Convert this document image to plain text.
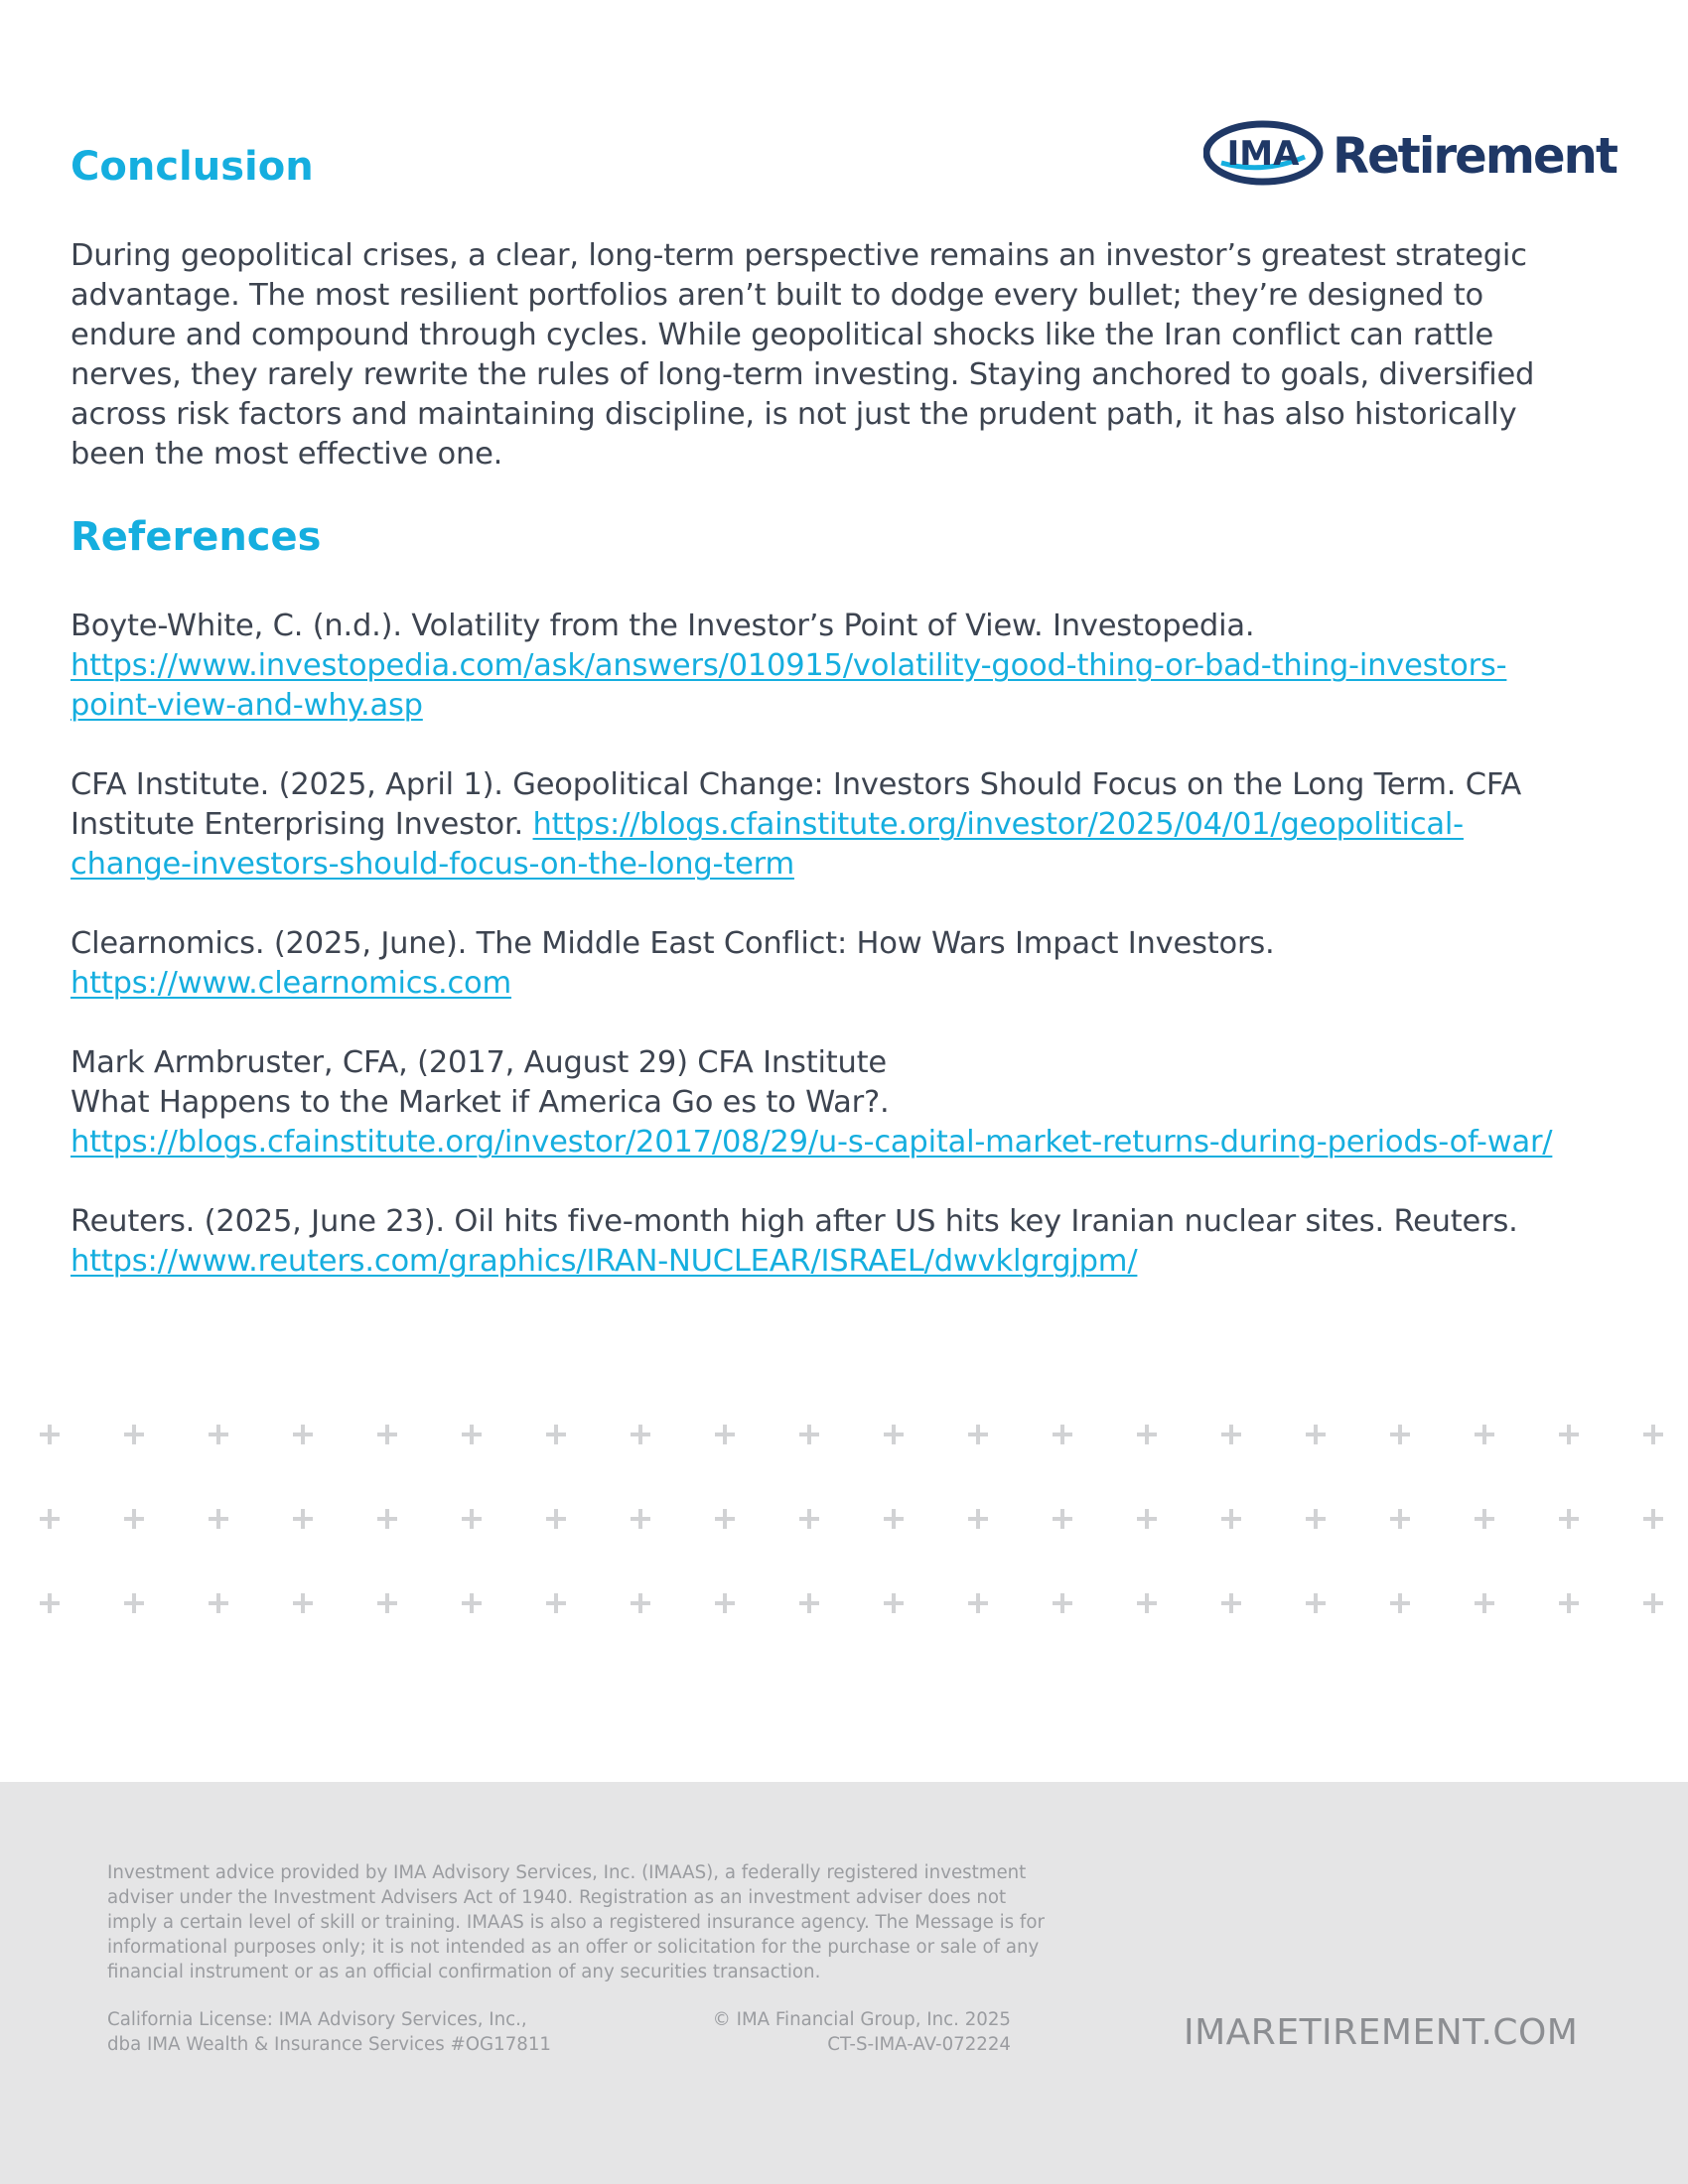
IMA Retirement
Conclusion

During geopolitical crises, a clear, long-term perspective remains an investor’s greatest strategic
advantage. The most resilient portfolios aren’t built to dodge every bullet; they’re designed to
endure and compound through cycles. While geopolitical shocks like the Iran conflict can rattle
nerves, they rarely rewrite the rules of long-term investing. Staying anchored to goals, diversified
across risk factors and maintaining discipline, is not just the prudent path, it has also historically
been the most effective one.

References

Boyte-White, C. (n.d.). Volatility from the Investor’s Point of View. Investopedia.
https://www.investopedia.com/ask/answers/010915/volatility-good-thing-or-bad-thing-investors-
point-view-and-why.asp

CFA Institute. (2025, April 1). Geopolitical Change: Investors Should Focus on the Long Term. CFA
Institute Enterprising Investor. https://blogs.cfainstitute.org/investor/2025/04/01/geopolitical-
change-investors-should-focus-on-the-long-term

Clearnomics. (2025, June). The Middle East Conflict: How Wars Impact Investors.
https://www.clearnomics.com

Mark Armbruster, CFA, (2017, August 29) CFA Institute
What Happens to the Market if America Go es to War?.
https://blogs.cfainstitute.org/investor/2017/08/29/u-s-capital-market-returns-during-periods-of-war/

Reuters. (2025, June 23). Oil hits five-month high after US hits key Iranian nuclear sites. Reuters.
https://www.reuters.com/graphics/IRAN-NUCLEAR/ISRAEL/dwvklgrgjpm/

Investment advice provided by IMA Advisory Services, Inc. (IMAAS), a federally registered investment
adviser under the Investment Advisers Act of 1940. Registration as an investment adviser does not
imply a certain level of skill or training. IMAAS is also a registered insurance agency. The Message is for
informational purposes only; it is not intended as an offer or solicitation for the purchase or sale of any
financial instrument or as an official confirmation of any securities transaction.

California License: IMA Advisory Services, Inc.,
dba IMA Wealth & Insurance Services #OG17811

© IMA Financial Group, Inc. 2025
CT-S-IMA-AV-072224	IMARETIREMENT.COM
